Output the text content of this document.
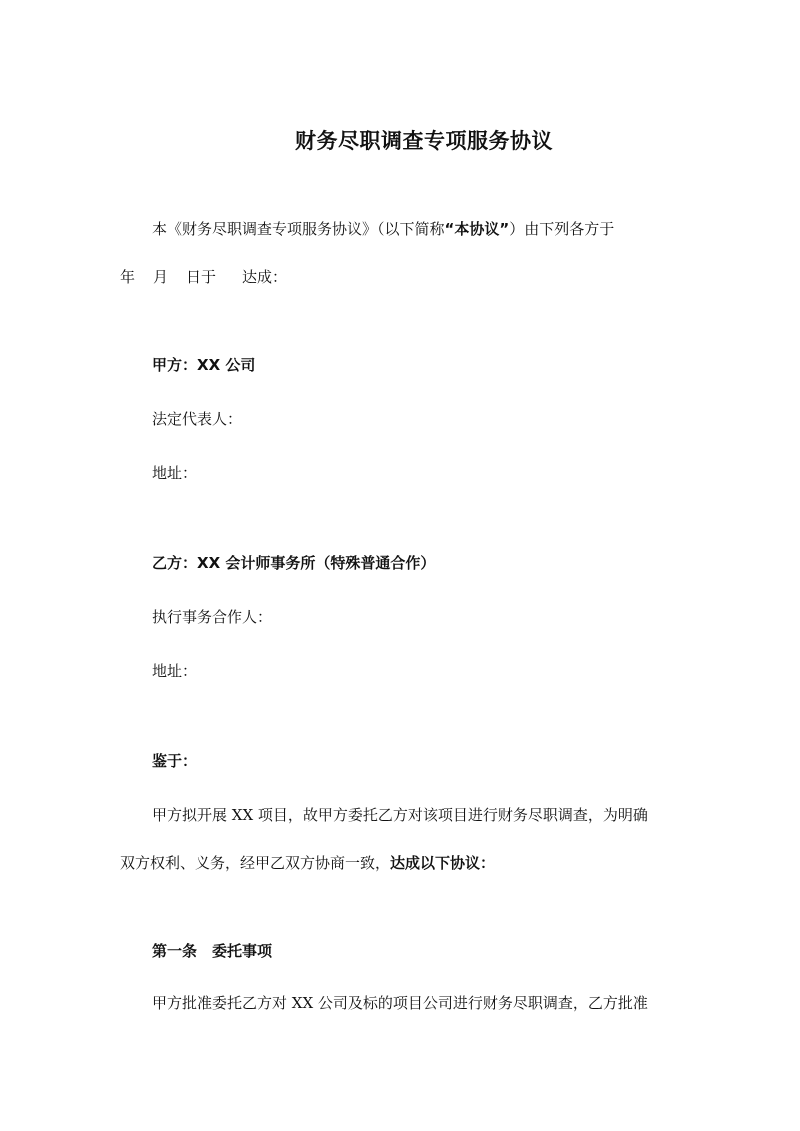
财务尽职调查专项服务协议
本《财务尽职调查专项服务协议》（以下简称“本协议”）由下列各方于
年 月 日于 达成：
甲方：XX 公司
法定代表人：
地址：
乙方：XX 会计师事务所（特殊普通合作）
执行事务合作人：
地址：
鉴于：
甲方拟开展 XX 项目，故甲方委托乙方对该项目进行财务尽职调查，为明确
双方权利、义务，经甲乙双方协商一致，达成以下协议：
第一条　委托事项
甲方批准委托乙方对 XX 公司及标的项目公司进行财务尽职调查，乙方批准
